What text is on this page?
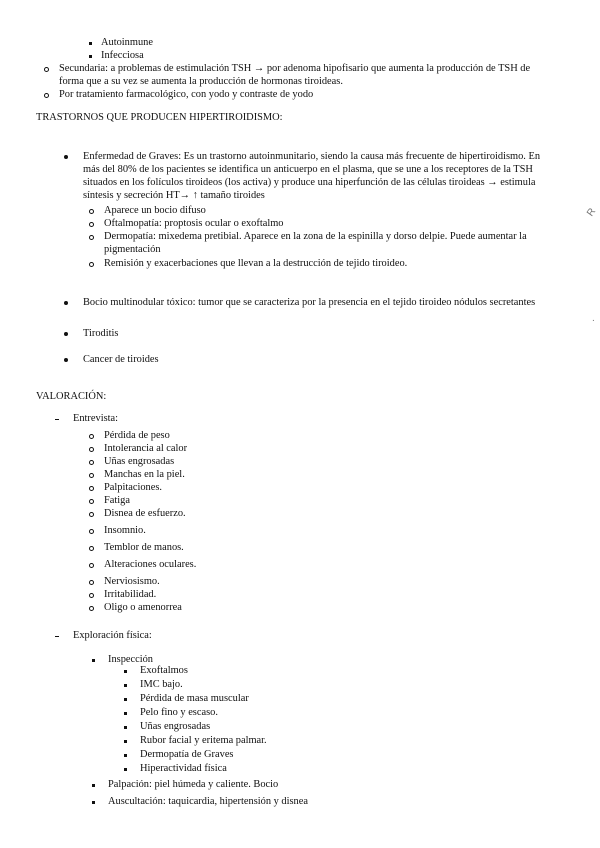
R
.
Autoinmune
Infecciosa
Secundaria: a problemas de estimulación TSH → por adenoma hipofisario que aumenta la producción de TSH de
forma que a su vez se aumenta la producción de hormonas tiroideas.
Por tratamiento farmacológico, con yodo y contraste de yodo
TRASTORNOS QUE PRODUCEN HIPERTIROIDISMO:
Enfermedad de Graves: Es un trastorno autoinmunitario, siendo la causa más frecuente de hipertiroidismo. En
más del 80% de los pacientes se identifica un anticuerpo en el plasma, que se une a los receptores de la TSH
situados en los folículos tiroideos (los activa) y produce una hiperfunción de las células tiroideas → estimula
síntesis y secreción HT→ ↑ tamaño tiroides
Aparece un bocio difuso
Oftalmopatía: proptosis ocular o exoftalmo
Dermopatía: mixedema pretibial. Aparece en la zona de la espinilla y dorso delpie. Puede aumentar la
pigmentación
Remisión y exacerbaciones que llevan a la destrucción de tejido tiroideo.
Bocio multinodular tóxico: tumor que se caracteriza por la presencia en el tejido tiroideo nódulos secretantes
Tiroditis
Cancer de tiroides
VALORACIÓN:
Entrevista:
Pérdida de peso
Intolerancia al calor
Uñas engrosadas
Manchas en la piel.
Palpitaciones.
Fatiga
Disnea de esfuerzo.
Insomnio.
Temblor de manos.
Alteraciones oculares.
Nerviosismo.
Irritabilidad.
Oligo o amenorrea
Exploración física:
Inspección
Exoftalmos
IMC bajo.
Pérdida de masa muscular
Pelo fino y escaso.
Uñas engrosadas
Rubor facial y eritema palmar.
Dermopatía de Graves
Hiperactividad física
Palpación: piel húmeda y caliente. Bocio
Auscultación: taquicardia, hipertensión y disnea
